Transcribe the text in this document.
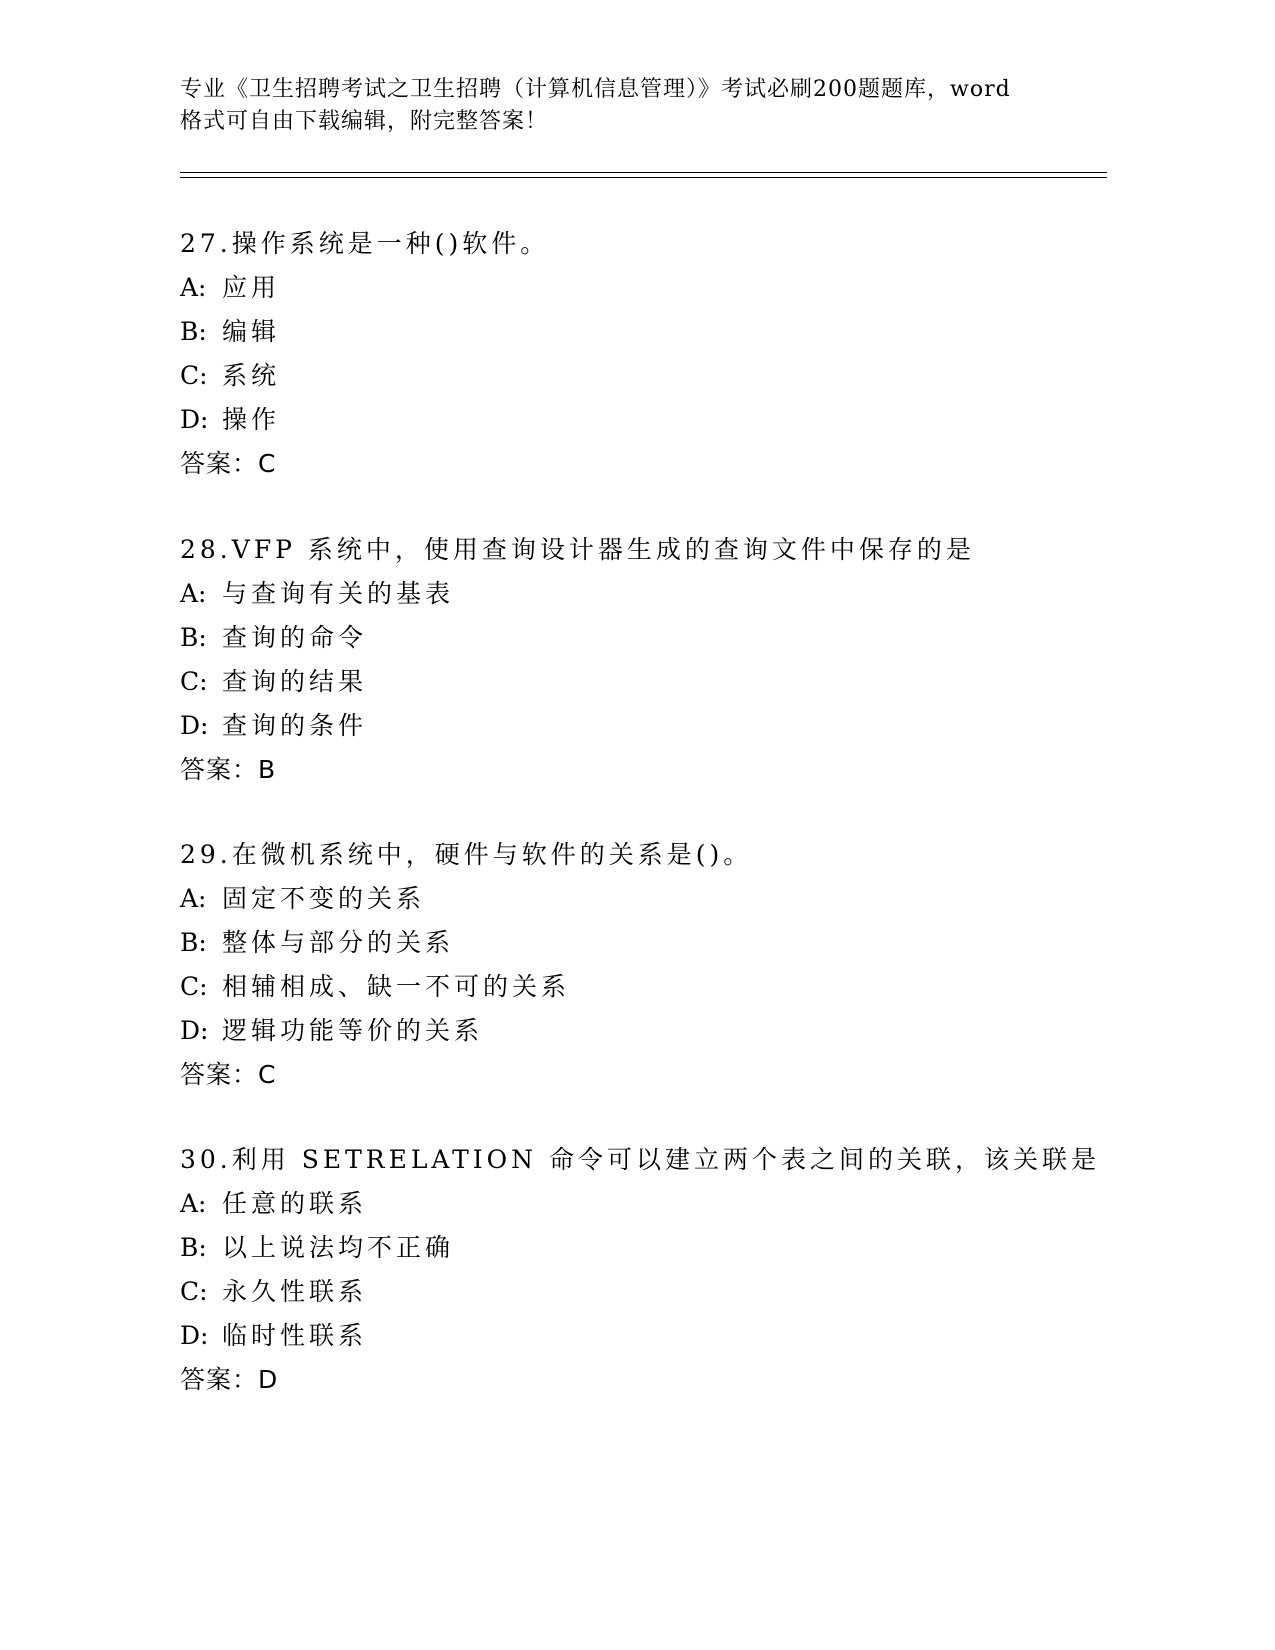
专业《卫生招聘考试之卫生招聘（计算机信息管理）》考试必刷200题题库，word
格式可自由下载编辑，附完整答案！
27.操作系统是一种()软件。
A: 应用
B: 编辑
C: 系统
D: 操作
答案：C
28.VFP 系统中，使用查询设计器生成的查询文件中保存的是
A: 与查询有关的基表
B: 查询的命令
C: 查询的结果
D: 查询的条件
答案：B
29.在微机系统中，硬件与软件的关系是()。
A: 固定不变的关系
B: 整体与部分的关系
C: 相辅相成、缺一不可的关系
D: 逻辑功能等价的关系
答案：C
30.利用 SETRELATION 命令可以建立两个表之间的关联，该关联是
A: 任意的联系
B: 以上说法均不正确
C: 永久性联系
D: 临时性联系
答案：D
